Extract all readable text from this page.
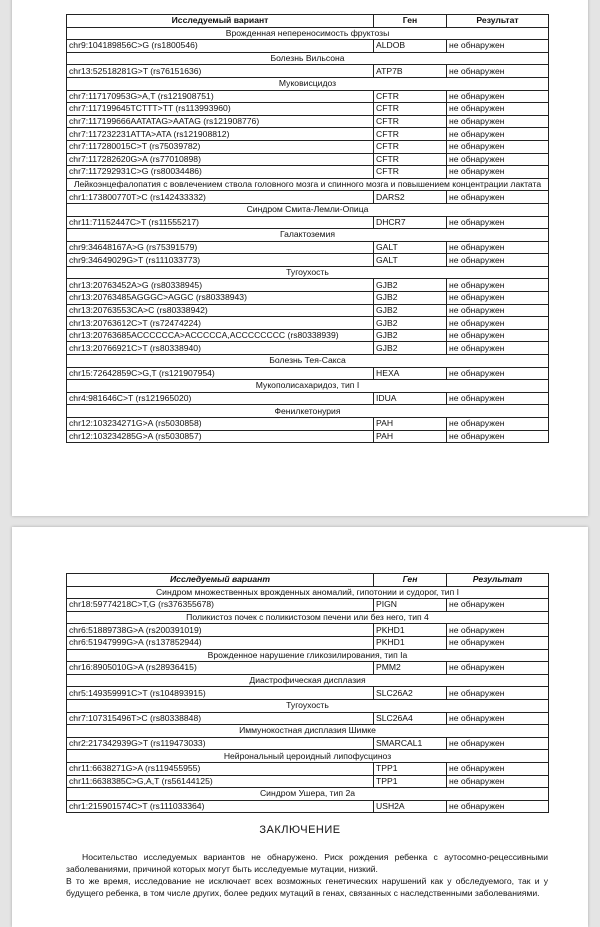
Исследуемый вариант	Ген	Результат
Врожденная непереносимость фруктозы		
chr9:104189856C>G (rs1800546)	ALDOB	не обнаружен
Болезнь Вильсона		
chr13:52518281G>T (rs76151636)	ATP7B	не обнаружен
Муковисцидоз		
chr7:117170953G>A,T (rs121908751)	CFTR	не обнаружен
chr7:117199645TCTTT>TT (rs113993960)	CFTR	не обнаружен
chr7:117199666AATATAG>AATAG (rs121908776)	CFTR	не обнаружен
chr7:117232231ATTA>ATA (rs121908812)	CFTR	не обнаружен
chr7:117280015C>T (rs75039782)	CFTR	не обнаружен
chr7:117282620G>A (rs77010898)	CFTR	не обнаружен
chr7:117292931C>G (rs80034486)	CFTR	не обнаружен
Лейкоэнцефалопатия с вовлечением ствола головного мозга и спинного мозга и повышением концентрации лактата		
chr1:173800770T>C (rs142433332)	DARS2	не обнаружен
Синдром Смита-Лемли-Опица		
chr11:71152447C>T (rs11555217)	DHCR7	не обнаружен
Галактоземия		
chr9:34648167A>G (rs75391579)	GALT	не обнаружен
chr9:34649029G>T (rs111033773)	GALT	не обнаружен
Тугоухость		
chr13:20763452A>G (rs80338945)	GJB2	не обнаружен
chr13:20763485AGGGC>AGGC (rs80338943)	GJB2	не обнаружен
chr13:20763553CA>C (rs80338942)	GJB2	не обнаружен
chr13:20763612C>T (rs72474224)	GJB2	не обнаружен
chr13:20763685ACCCCCCA>ACCCCCA,ACCCCCCCC (rs80338939)	GJB2	не обнаружен
chr13:20766921C>T (rs80338940)	GJB2	не обнаружен
Болезнь Тея-Сакса		
chr15:72642859C>G,T (rs121907954)	HEXA	не обнаружен
Мукополисахаридоз, тип I		
chr4:981646C>T (rs121965020)	IDUA	не обнаружен
Фенилкетонурия		
chr12:103234271G>A (rs5030858)	PAH	не обнаружен
chr12:103234285G>A (rs5030857)	PAH	не обнаружен
Исследуемый вариант	Ген	Результат
Синдром множественных врожденных аномалий, гипотонии и судорог, тип I		
chr18:59774218C>T,G (rs376355678)	PIGN	не обнаружен
Поликистоз почек с поликистозом печени или без него, тип 4		
chr6:51889738G>A (rs200391019)	PKHD1	не обнаружен
chr6:51947999G>A (rs137852944)	PKHD1	не обнаружен
Врожденное нарушение гликозилирования, тип Ia		
chr16:8905010G>A (rs28936415)	PMM2	не обнаружен
Диастрофическая дисплазия		
chr5:149359991C>T (rs104893915)	SLC26A2	не обнаружен
Тугоухость		
chr7:107315496T>C (rs80338848)	SLC26A4	не обнаружен
Иммунокостная дисплазия Шимке		
chr2:217342939G>T (rs119473033)	SMARCAL1	не обнаружен
Нейрональный цероидный липофусциноз		
chr11:6638271G>A (rs119455955)	TPP1	не обнаружен
chr11:6638385C>G,A,T (rs56144125)	TPP1	не обнаружен
Синдром Ушера, тип 2a		
chr1:215901574C>T (rs111033364)	USH2A	не обнаружен
ЗАКЛЮЧЕНИЕ

Носительство исследуемых вариантов не обнаружено. Риск рождения ребенка с аутосомно-рецессивными заболеваниями, причиной которых могут быть исследуемые мутации, низкий.

В то же время, исследование не исключает всех возможных генетических нарушений как у обследуемого, так и у будущего ребенка, в том числе других, более редких мутаций в генах, связанных с наследственными заболеваниями.
